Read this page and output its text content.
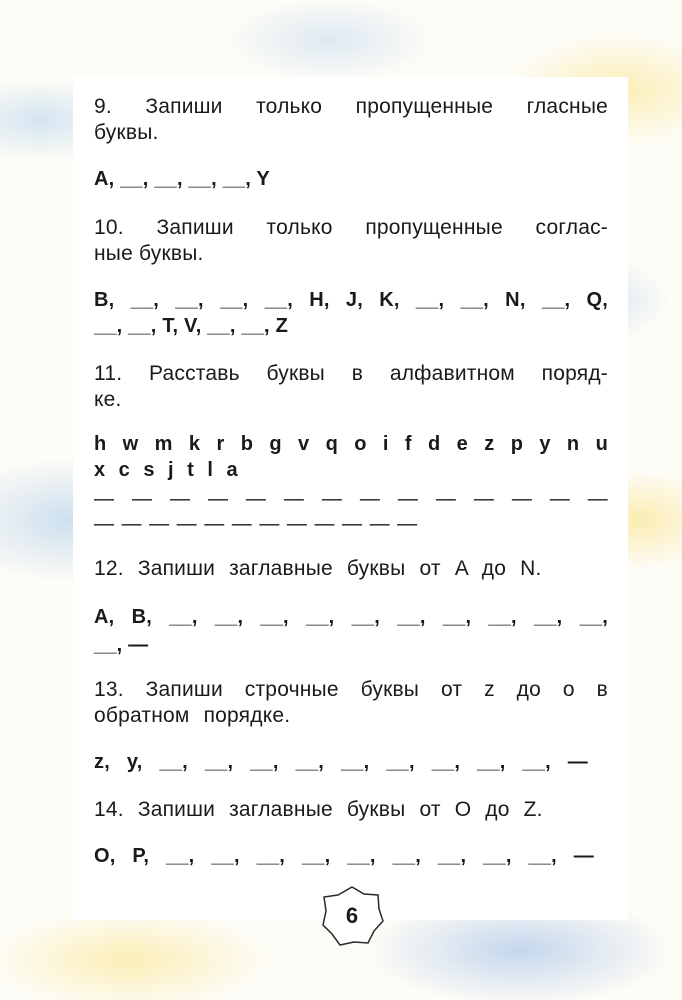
9. Запиши только пропущенные гласные
буквы.
A, __, __, __, __, Y
10. Запиши только пропущенные соглас-
ные буквы.
B, __, __, __, __, H, J, K, __, __, N, __, Q,
__, __, T, V, __, __, Z
11. Расставь буквы в алфавитном поряд-
ке.
h w m k r b g v q o i f d e z p y n u
x c s j t l a
— — — — — — — — — — — — — —
— — — — — — — — — — — —
12. Запиши заглавные буквы от A до N.
A, B, __, __, __, __, __, __, __, __, __, __,
__, —
13. Запиши строчные буквы от z до o в
обратном порядке.
z, y, __, __, __, __, __, __, __, __, __, —
14. Запиши заглавные буквы от O до Z.
O, P, __, __, __, __, __, __, __, __, __, —
6
